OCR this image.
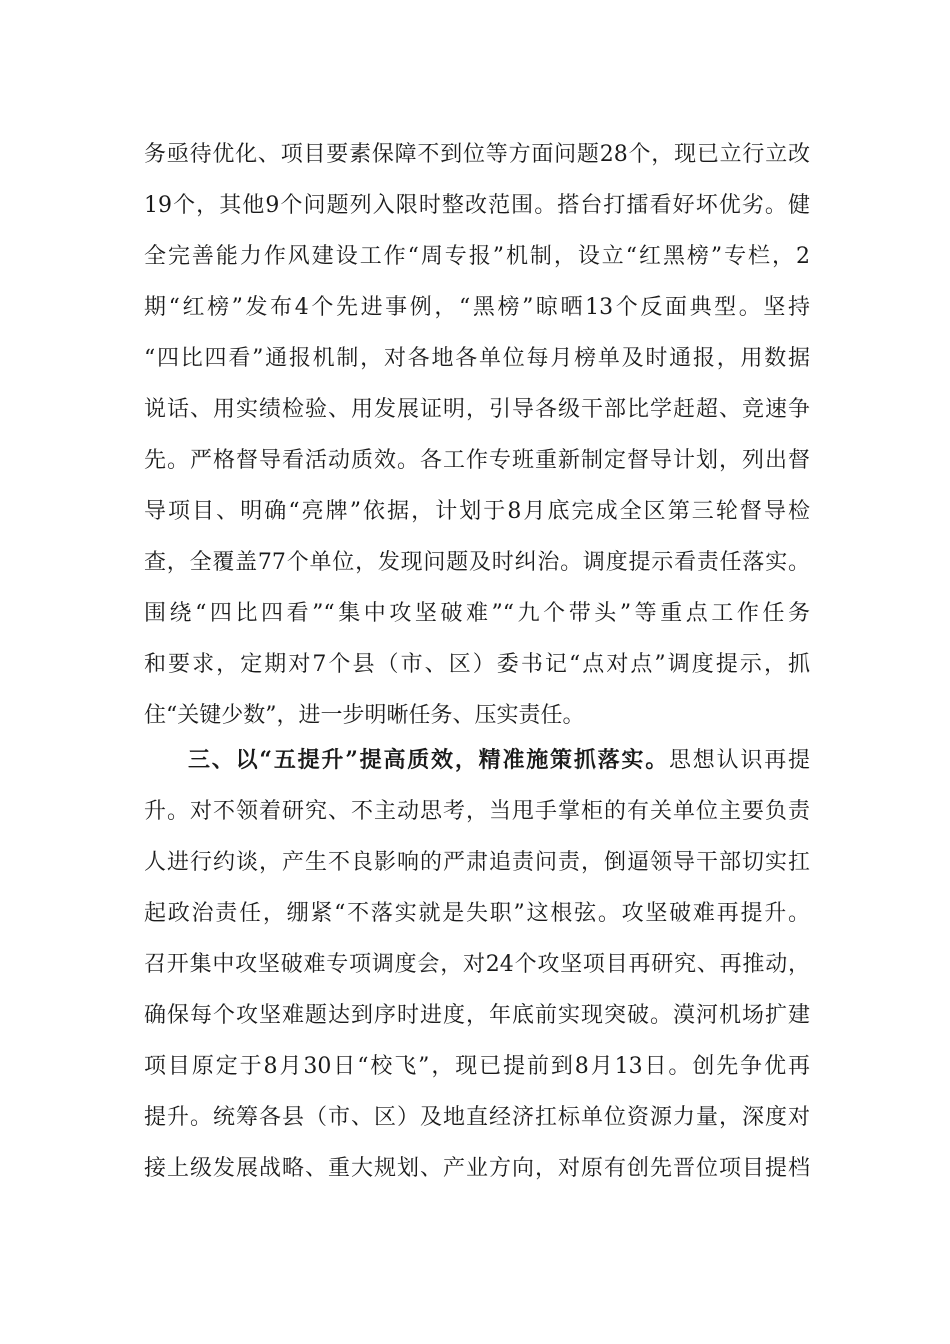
务亟待优化、项目要素保障不到位等方面问题28个，现已立行立改
19个，其他9个问题列入限时整改范围。搭台打擂看好坏优劣。健
全完善能力作风建设工作“周专报”机制，设立“红黑榜”专栏，2
期“红榜”发布4个先进事例，“黑榜”晾晒13个反面典型。坚持
“四比四看”通报机制，对各地各单位每月榜单及时通报，用数据
说话、用实绩检验、用发展证明，引导各级干部比学赶超、竞速争
先。严格督导看活动质效。各工作专班重新制定督导计划，列出督
导项目、明确“亮牌”依据，计划于8月底完成全区第三轮督导检
查，全覆盖77个单位，发现问题及时纠治。调度提示看责任落实。
围绕“四比四看”“集中攻坚破难”“九个带头”等重点工作任务
和要求，定期对7个县（市、区）委书记“点对点”调度提示，抓
住“关键少数”，进一步明晰任务、压实责任。
三、以“五提升”提高质效，精准施策抓落实。思想认识再提
升。对不领着研究、不主动思考，当甩手掌柜的有关单位主要负责
人进行约谈，产生不良影响的严肃追责问责，倒逼领导干部切实扛
起政治责任，绷紧“不落实就是失职”这根弦。攻坚破难再提升。
召开集中攻坚破难专项调度会，对24个攻坚项目再研究、再推动，
确保每个攻坚难题达到序时进度，年底前实现突破。漠河机场扩建
项目原定于8月30日“校飞”，现已提前到8月13日。创先争优再
提升。统筹各县（市、区）及地直经济扛标单位资源力量，深度对
接上级发展战略、重大规划、产业方向，对原有创先晋位项目提档
